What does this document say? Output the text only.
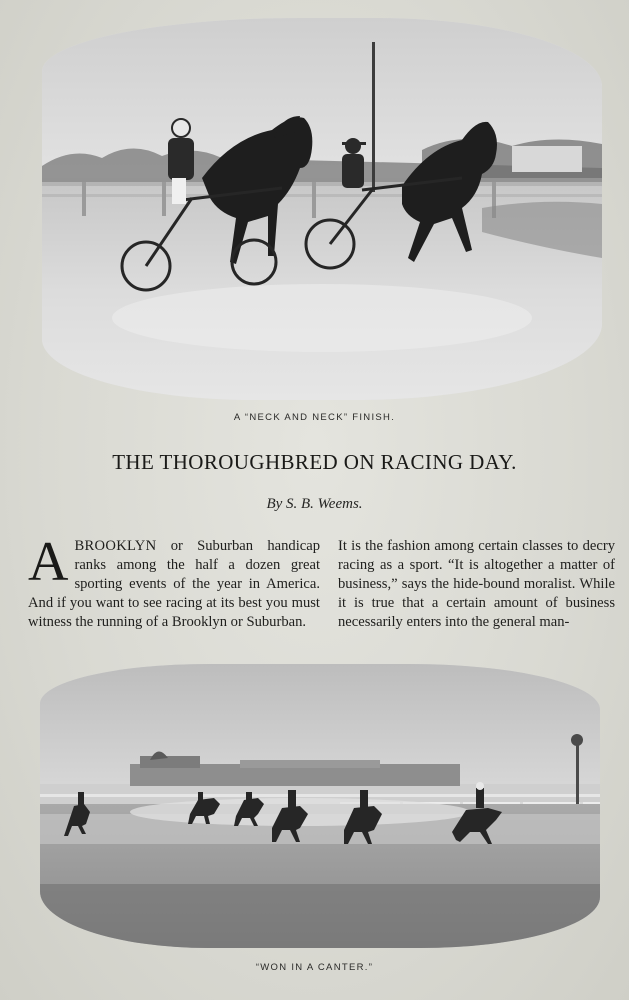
A “NECK AND NECK” FINISH.
THE THOROUGHBRED ON RACING DAY.
By S. B. Weems.
ABROOKLYN or Suburban handicap ranks among the half a dozen great sporting events of the year in America. And if you want to see racing at its best you must witness the running of a Brooklyn or Suburban.
It is the fashion among certain classes to decry racing as a sport. “It is altogether a matter of business,” says the hide-bound moralist. While it is true that a certain amount of business necessarily enters into the general man-
“WON IN A CANTER.”
